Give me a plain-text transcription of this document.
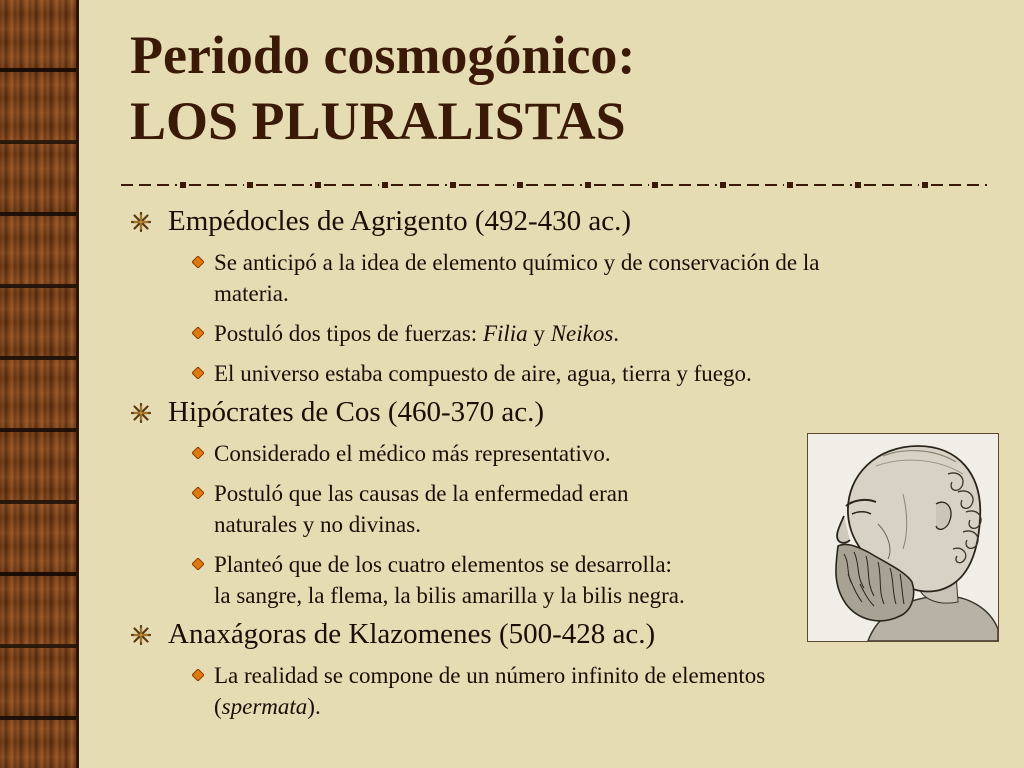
Periodo cosmogónico:
LOS PLURALISTAS
Empédocles de Agrigento (492-430 ac.)
Se anticipó a la idea de elemento químico y de conservación de la
materia.
Postuló dos tipos de fuerzas: Filia y Neikos.
El universo estaba compuesto de aire, agua, tierra y fuego.
Hipócrates de Cos (460-370 ac.)
Considerado el médico más representativo.
Postuló que las causas de la enfermedad eran
naturales y no divinas.
Planteó que de los cuatro elementos se desarrolla:
la sangre, la flema, la bilis amarilla y la bilis negra.
Anaxágoras de Klazomenes (500-428 ac.)
La realidad se compone de un número infinito de elementos
(spermata).
